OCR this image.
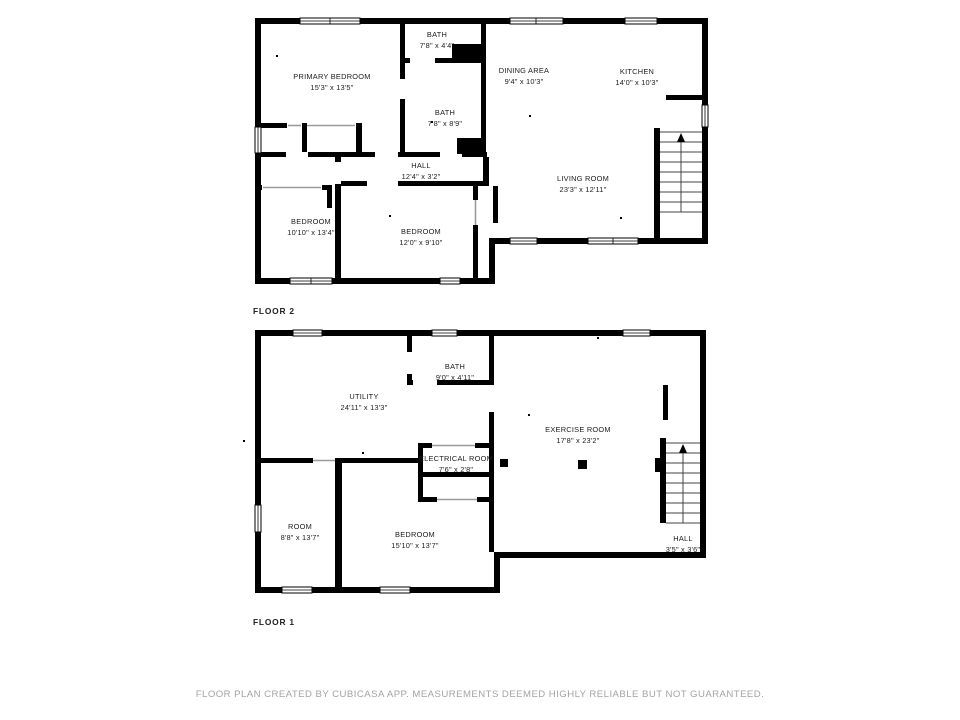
PRIMARY BEDROOM
15'3" x 13'5"
BATH
7'8" x 4'4"
BATH
7'8" x 8'9"
DINING AREA
9'4" x 10'3"
KITCHEN
14'0" x 10'3"
HALL
12'4" x 3'2"	LIVING ROOM
23'3" x 12'11"
BEDROOM
10'10" x 13'4"	BEDROOM
12'0" x 9'10"
FLOOR 2
UTILITY
24'11" x 13'3"
BATH
9'0" x 4'11"
EXERCISE ROOM
17'8" x 23'2"
ELECTRICAL ROOM
7'6" x 2'8"
ROOM
8'8" x 13'7"	BEDROOM
15'10" x 13'7"
HALL
3'5" x 3'6"
FLOOR 1
FLOOR PLAN CREATED BY CUBICASA APP. MEASUREMENTS DEEMED HIGHLY RELIABLE BUT NOT GUARANTEED.
